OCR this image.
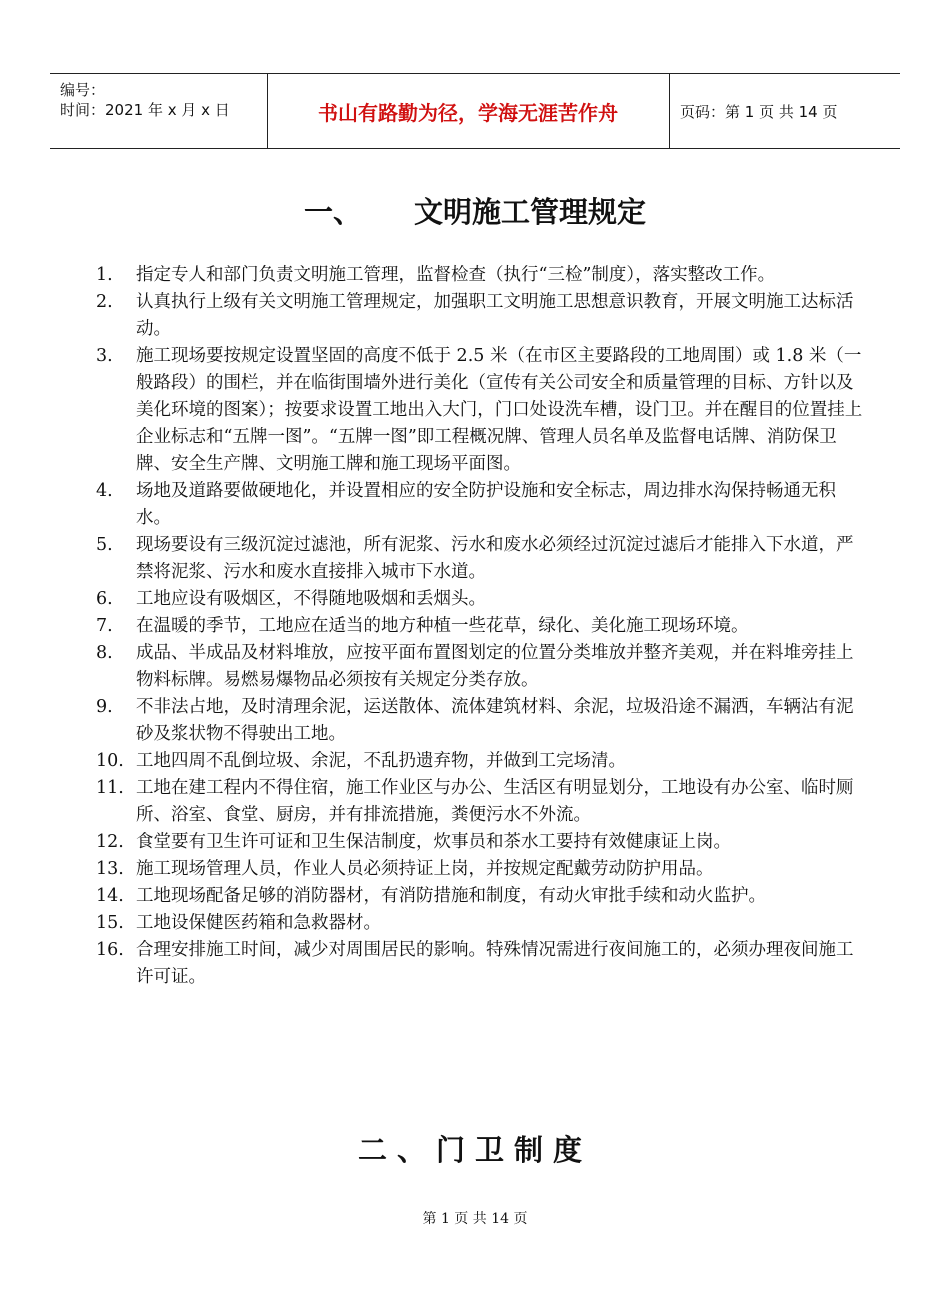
编号：
时间：2021 年 x 月 x 日	书山有路勤为径，学海无涯苦作舟	页码：第 1 页 共 14 页
一、 文明施工管理规定
1. 指定专人和部门负责文明施工管理，监督检查（执行“三检”制度），落实整改工作。
2. 认真执行上级有关文明施工管理规定，加强职工文明施工思想意识教育，开展文明施工达标活动。
3. 施工现场要按规定设置坚固的高度不低于 2.5 米（在市区主要路段的工地周围）或 1.8 米（一般路段）的围栏，并在临街围墙外进行美化（宣传有关公司安全和质量管理的目标、方针以及美化环境的图案）；按要求设置工地出入大门，门口处设洗车槽，设门卫。并在醒目的位置挂上企业标志和“五牌一图”。“五牌一图”即工程概况牌、管理人员名单及监督电话牌、消防保卫牌、安全生产牌、文明施工牌和施工现场平面图。
4. 场地及道路要做硬地化，并设置相应的安全防护设施和安全标志，周边排水沟保持畅通无积水。
5. 现场要设有三级沉淀过滤池，所有泥浆、污水和废水必须经过沉淀过滤后才能排入下水道，严禁将泥浆、污水和废水直接排入城市下水道。
6. 工地应设有吸烟区，不得随地吸烟和丢烟头。
7. 在温暖的季节，工地应在适当的地方种植一些花草，绿化、美化施工现场环境。
8. 成品、半成品及材料堆放，应按平面布置图划定的位置分类堆放并整齐美观，并在料堆旁挂上物料标牌。易燃易爆物品必须按有关规定分类存放。
9. 不非法占地，及时清理余泥，运送散体、流体建筑材料、余泥，垃圾沿途不漏洒，车辆沾有泥砂及浆状物不得驶出工地。
10. 工地四周不乱倒垃圾、余泥，不乱扔遗弃物，并做到工完场清。
11. 工地在建工程内不得住宿，施工作业区与办公、生活区有明显划分，工地设有办公室、临时厕所、浴室、食堂、厨房，并有排流措施，粪便污水不外流。
12. 食堂要有卫生许可证和卫生保洁制度，炊事员和茶水工要持有效健康证上岗。
13. 施工现场管理人员，作业人员必须持证上岗，并按规定配戴劳动防护用品。
14. 工地现场配备足够的消防器材，有消防措施和制度，有动火审批手续和动火监护。
15. 工地设保健医药箱和急救器材。
16. 合理安排施工时间，减少对周围居民的影响。特殊情况需进行夜间施工的，必须办理夜间施工许可证。
二、门卫制度
第 1 页 共 14 页
